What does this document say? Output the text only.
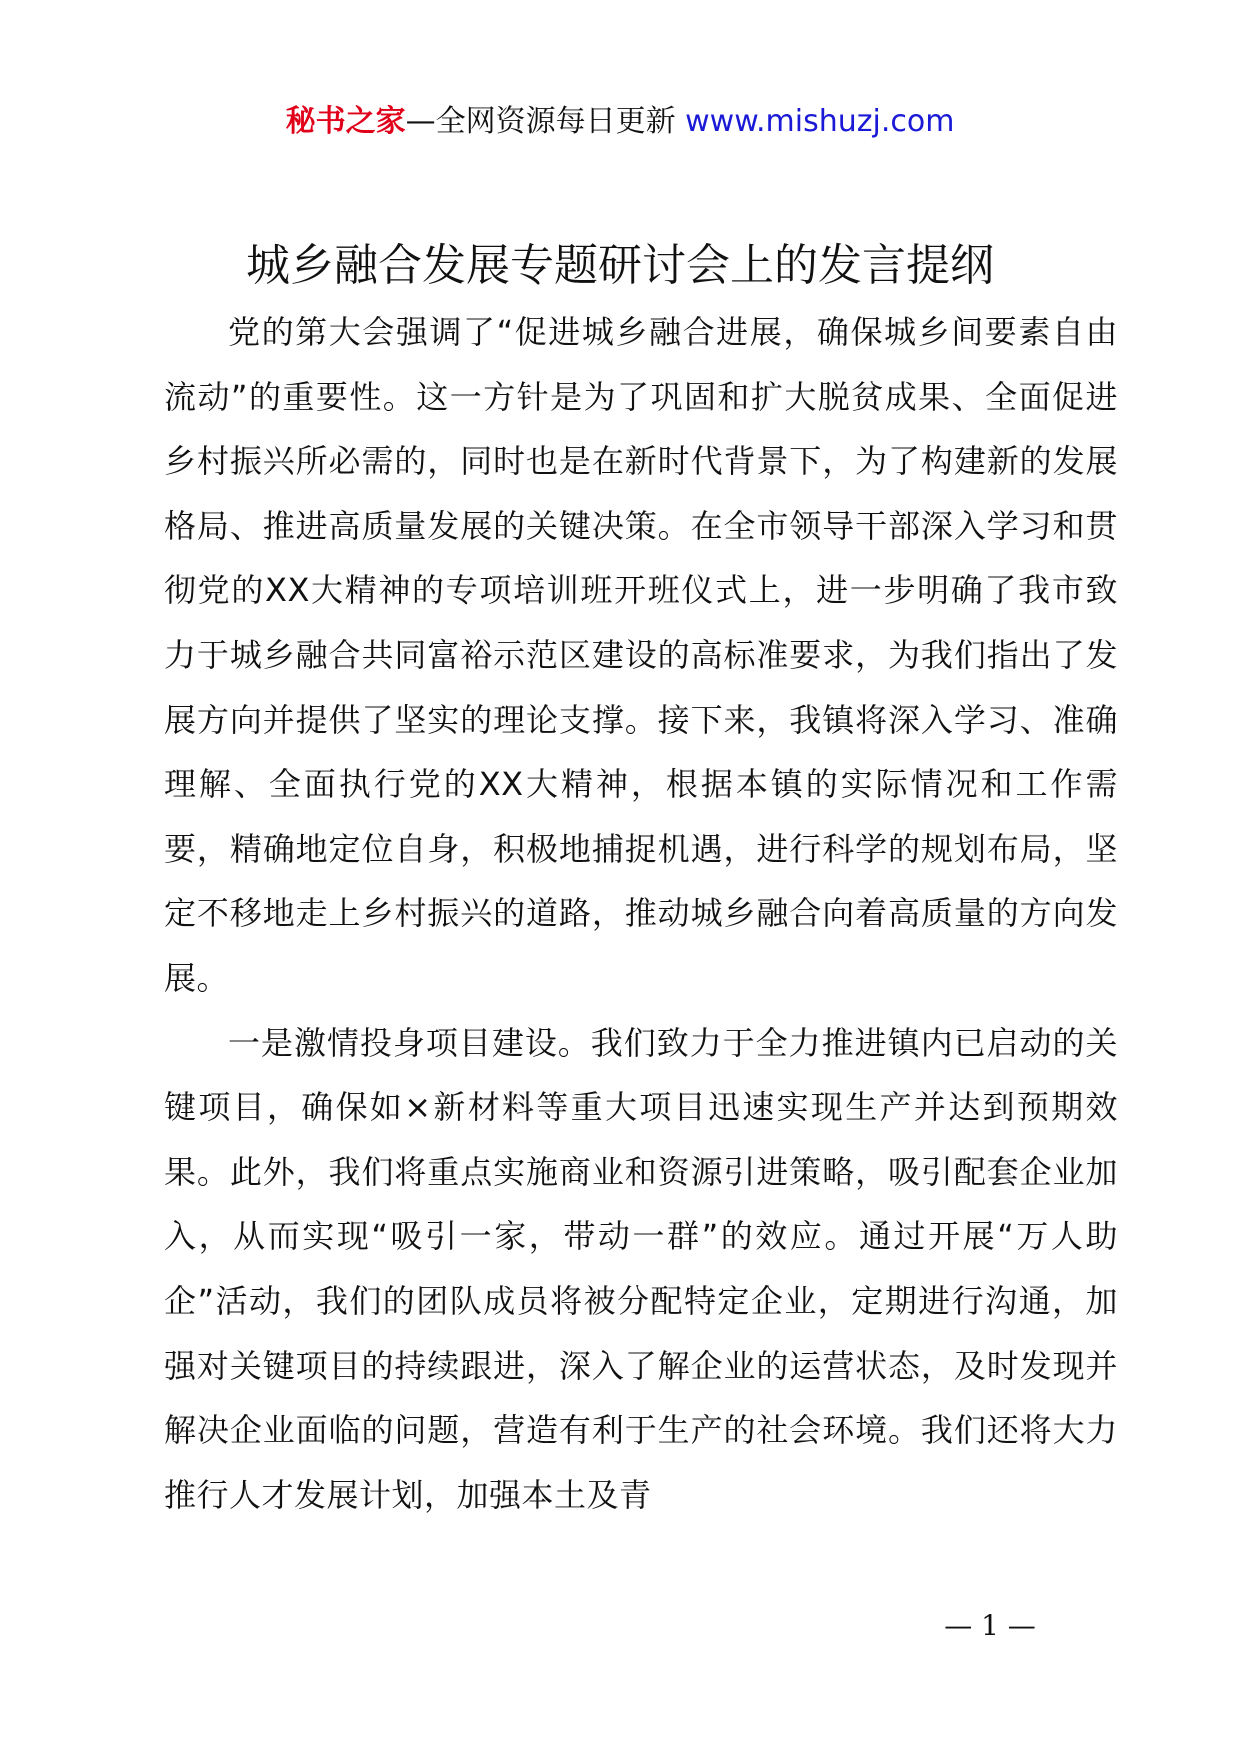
秘书之家—全网资源每日更新 www.mishuzj.com
城乡融合发展专题研讨会上的发言提纲

党的第大会强调了“促进城乡融合进展，确保城乡间要素自由流动”的重要性。这一方针是为了巩固和扩大脱贫成果、全面促进乡村振兴所必需的，同时也是在新时代背景下，为了构建新的发展格局、推进高质量发展的关键决策。在全市领导干部深入学习和贯彻党的XX大精神的专项培训班开班仪式上，进一步明确了我市致力于城乡融合共同富裕示范区建设的高标准要求，为我们指出了发展方向并提供了坚实的理论支撑。接下来，我镇将深入学习、准确理解、全面执行党的XX大精神，根据本镇的实际情况和工作需要，精确地定位自身，积极地捕捉机遇，进行科学的规划布局，坚定不移地走上乡村振兴的道路，推动城乡融合向着高质量的方向发展。

一是激情投身项目建设。我们致力于全力推进镇内已启动的关键项目，确保如×新材料等重大项目迅速实现生产并达到预期效果。此外，我们将重点实施商业和资源引进策略，吸引配套企业加入，从而实现“吸引一家，带动一群”的效应。通过开展“万人助企”活动，我们的团队成员将被分配特定企业，定期进行沟通，加强对关键项目的持续跟进，深入了解企业的运营状态，及时发现并解决企业面临的问题，营造有利于生产的社会环境。我们还将大力推行人才发展计划，加强本土及青

— 1 —
